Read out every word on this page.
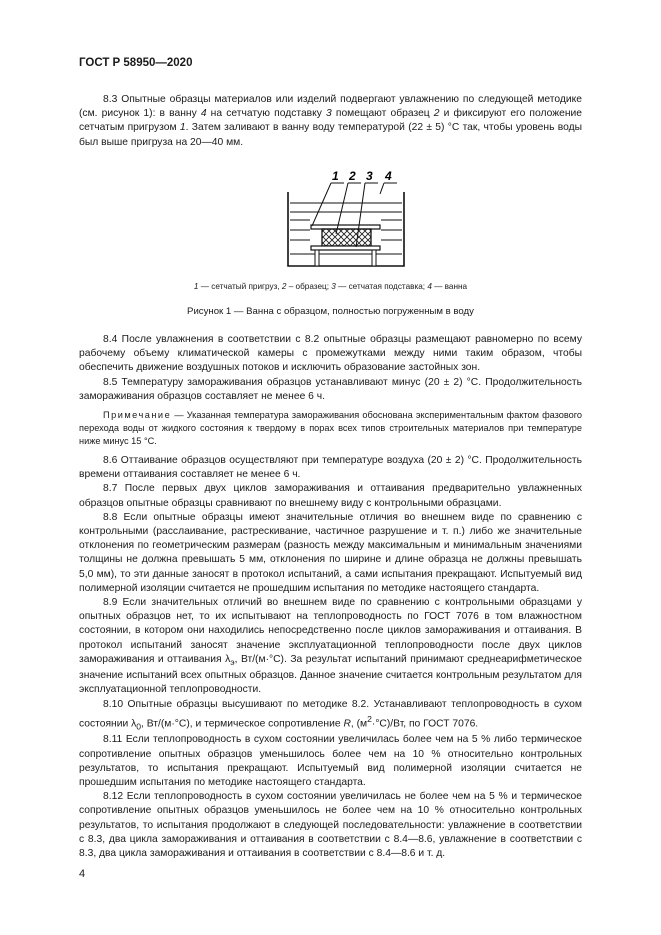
ГОСТ Р 58950—2020

8.3 Опытные образцы материалов или изделий подвергают увлажнению по следующей методике (см. рисунок 1): в ванну 4 на сетчатую подставку 3 помещают образец 2 и фиксируют его положение сетчатым пригрузом 1. Затем заливают в ванну воду температурой (22 ± 5) °С так, чтобы уровень воды был выше пригруза на 20—40 мм.

1 2 3 4
1 — сетчатый пригруз, 2 – образец; 3 — сетчатая подставка; 4 — ванна
Рисунок 1 — Ванна с образцом, полностью погруженным в воду

8.4 После увлажнения в соответствии с 8.2 опытные образцы размещают равномерно по всему рабочему объему климатической камеры с промежутками между ними таким образом, чтобы обеспечить движение воздушных потоков и исключить образование застойных зон.

8.5 Температуру замораживания образцов устанавливают минус (20 ± 2) °С. Продолжительность замораживания образцов составляет не менее 6 ч.

Примечание — Указанная температура замораживания обоснована экспериментальным фактом фазового перехода воды от жидкого состояния к твердому в порах всех типов строительных материалов при температуре ниже минус 15 °С.

8.6 Оттаивание образцов осуществляют при температуре воздуха (20 ± 2) °С. Продолжительность времени оттаивания составляет не менее 6 ч.

8.7 После первых двух циклов замораживания и оттаивания предварительно увлажненных образцов опытные образцы сравнивают по внешнему виду с контрольными образцами.

8.8 Если опытные образцы имеют значительные отличия во внешнем виде по сравнению с контрольными (расслаивание, растрескивание, частичное разрушение и т. п.) либо же значительные отклонения по геометрическим размерам (разность между максимальным и минимальным значениями толщины не должна превышать 5 мм, отклонения по ширине и длине образца не должны превышать 5,0 мм), то эти данные заносят в протокол испытаний, а сами испытания прекращают. Испытуемый вид полимерной изоляции считается не прошедшим испытания по методике настоящего стандарта.

8.9 Если значительных отличий во внешнем виде по сравнению с контрольными образцами у опытных образцов нет, то их испытывают на теплопроводность по ГОСТ 7076 в том влажностном состоянии, в котором они находились непосредственно после циклов замораживания и оттаивания. В протокол испытаний заносят значение эксплуатационной теплопроводности после двух циклов замораживания и оттаивания $\lambda_э$, Вт/(м·°С). За результат испытаний принимают среднеарифметическое значение испытаний всех опытных образцов. Данное значение считается контрольным результатом для эксплуатационной теплопроводности.

8.10 Опытные образцы высушивают по методике 8.2. Устанавливают теплопроводность в сухом состоянии $\lambda_0$, Вт/(м·°С), и термическое сопротивление R, $(м^2\cdot^\circ С)/Вт$, по ГОСТ 7076.

8.11 Если теплопроводность в сухом состоянии увеличилась более чем на 5 % либо термическое сопротивление опытных образцов уменьшилось более чем на 10 % относительно контрольных результатов, то испытания прекращают. Испытуемый вид полимерной изоляции считается не прошедшим испытания по методике настоящего стандарта.

8.12 Если теплопроводность в сухом состоянии увеличилась не более чем на 5 % и термическое сопротивление опытных образцов уменьшилось не более чем на 10 % относительно контрольных результатов, то испытания продолжают в следующей последовательности: увлажнение в соответствии с 8.3, два цикла замораживания и оттаивания в соответствии с 8.4—8.6, увлажнение в соответствии с 8.3, два цикла замораживания и оттаивания в соответствии с 8.4—8.6 и т. д.

4
